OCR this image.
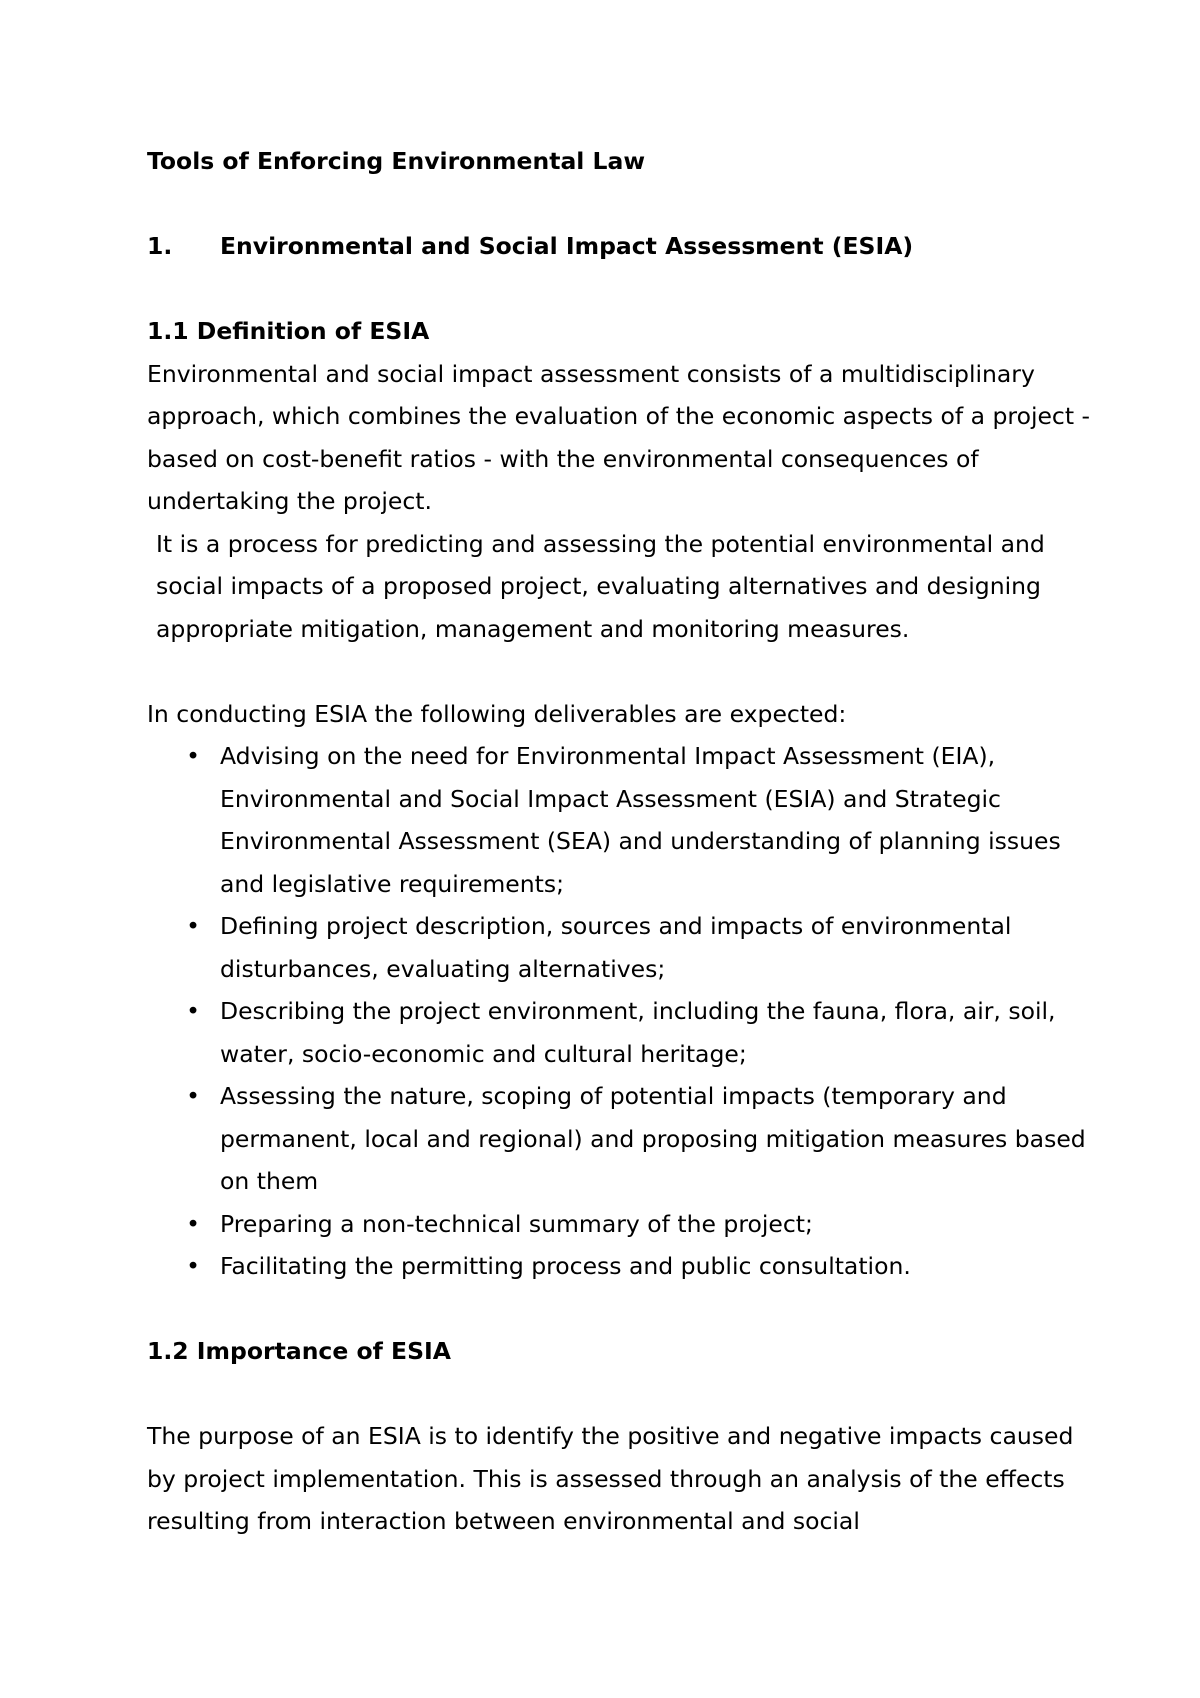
Tools of Enforcing Environmental Law

1.	Environmental and Social Impact Assessment (ESIA)

1.1 Definition of ESIA

Environmental and social impact assessment consists of a multidisciplinary approach, which combines the evaluation of the economic aspects of a project - based on cost-benefit ratios - with the environmental consequences of undertaking the project.

It is a process for predicting and assessing the potential environmental and social impacts of a proposed project, evaluating alternatives and designing appropriate mitigation, management and monitoring measures.

In conducting ESIA the following deliverables are expected:

• Advising on the need for Environmental Impact Assessment (EIA), Environmental and Social Impact Assessment (ESIA) and Strategic Environmental Assessment (SEA) and understanding of planning issues and legislative requirements;
• Defining project description, sources and impacts of environmental disturbances, evaluating alternatives;
• Describing the project environment, including the fauna, flora, air, soil, water, socio-economic and cultural heritage;
• Assessing the nature, scoping of potential impacts (temporary and permanent, local and regional) and proposing mitigation measures based on them
• Preparing a non-technical summary of the project;
• Facilitating the permitting process and public consultation.

1.2 Importance of ESIA

The purpose of an ESIA is to identify the positive and negative impacts caused by project implementation. This is assessed through an analysis of the effects resulting from interaction between environmental and social
